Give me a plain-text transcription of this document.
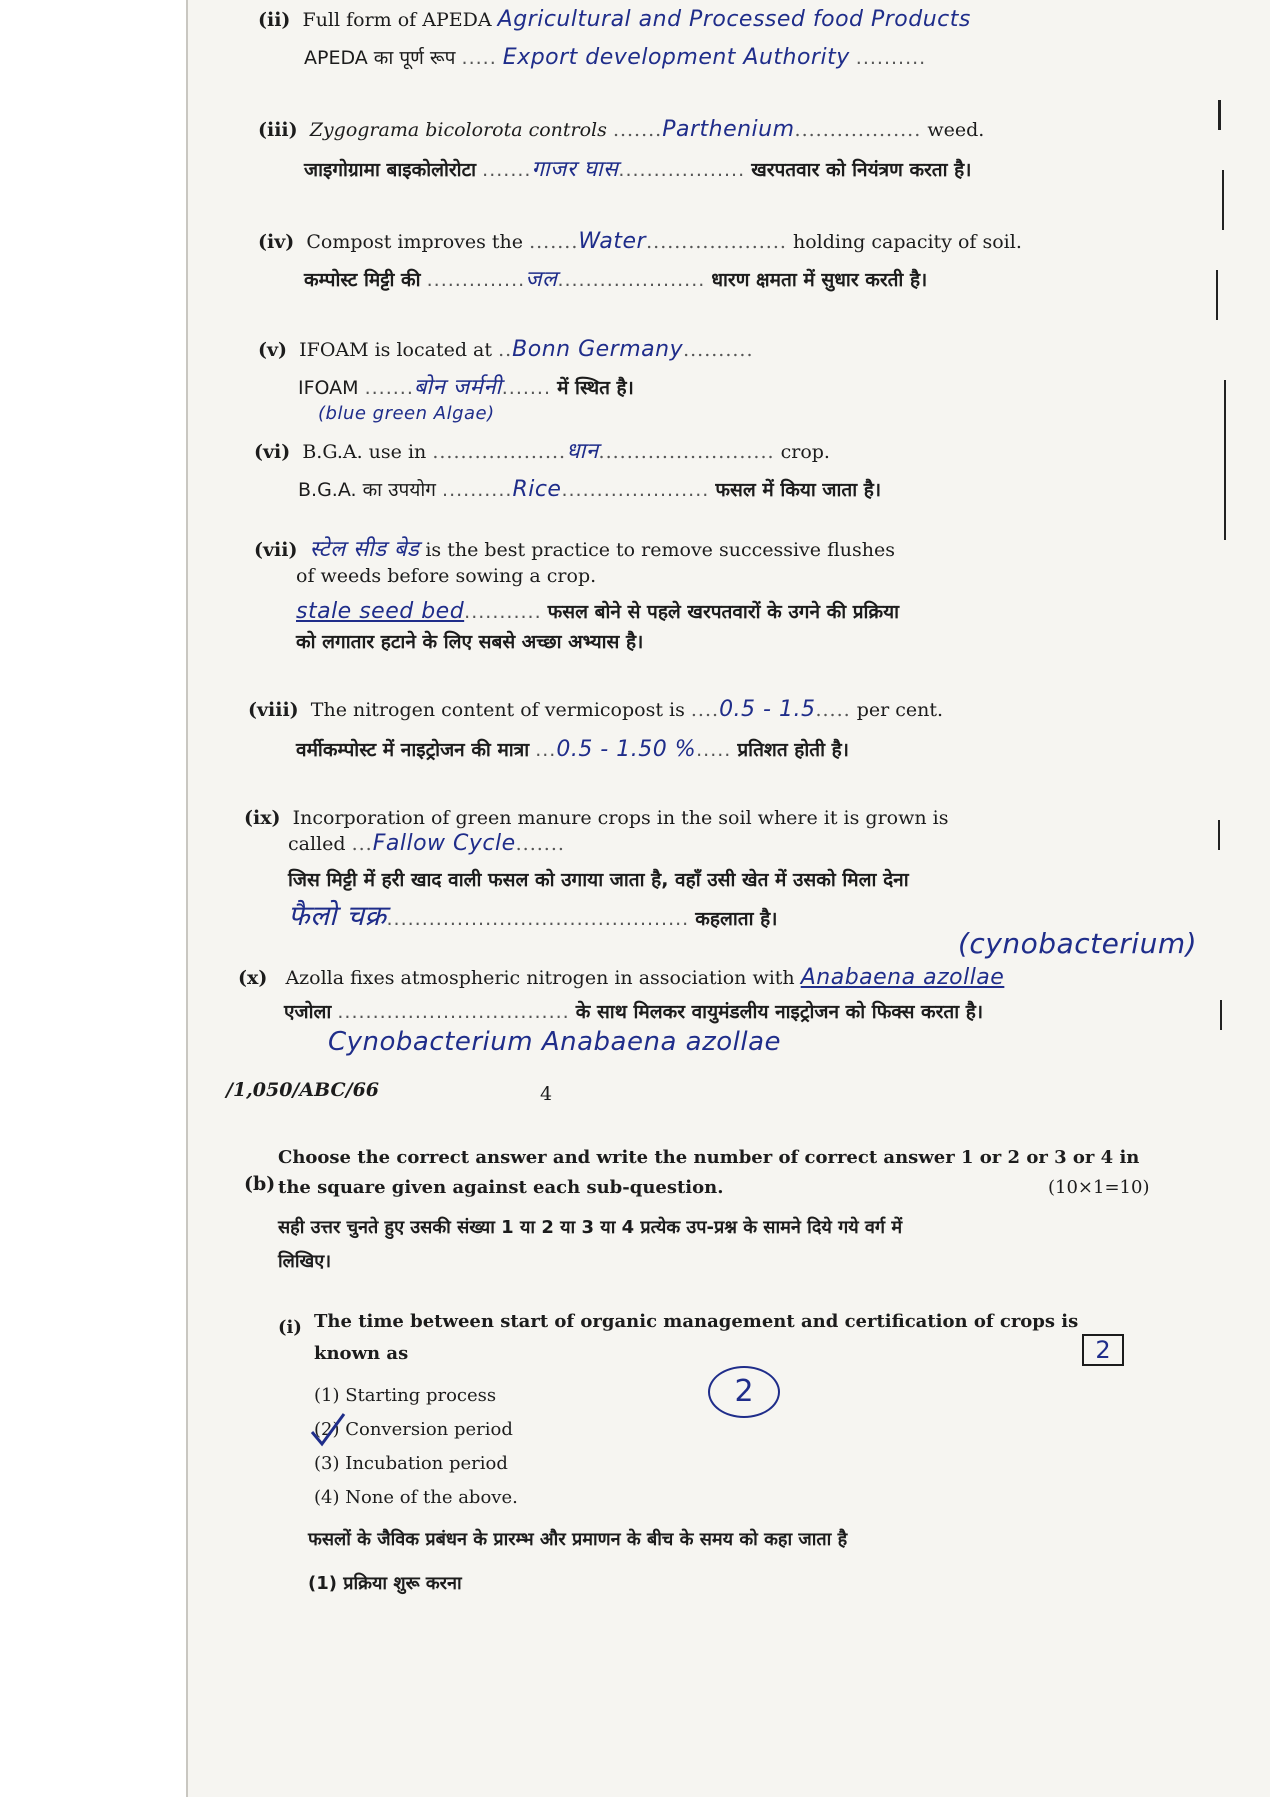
(ii) Full form of APEDA Agricultural and Processed food Products
APEDA का पूर्ण रूप ..... Export development Authority ..........
(iii) Zygograma bicolorota controls .......Parthenium.................. weed.
जाइगोग्रामा बाइकोलोरोटा .......गाजर घास.................. खरपतवार को नियंत्रण करता है।
(iv) Compost improves the .......Water.................... holding capacity of soil.
कम्पोस्ट मिट्टी की ..............जल..................... धारण क्षमता में सुधार करती है।
(v) IFOAM is located at ..Bonn Germany..........
IFOAM .......बोन जर्मनी....... में स्थित है।
(blue green Algae)
(vi) B.G.A. use in ...................धान......................... crop.
B.G.A. का उपयोग ..........Rice..................... फसल में किया जाता है।
(vii) स्टेल सीड बेड is the best practice to remove successive flushes
of weeds before sowing a crop.
stale seed bed........... फसल बोने से पहले खरपतवारों के उगने की प्रक्रिया
को लगातार हटाने के लिए सबसे अच्छा अभ्यास है।
(viii) The nitrogen content of vermicopost is ....0.5 - 1.5..... per cent.
वर्मीकम्पोस्ट में नाइट्रोजन की मात्रा ...0.5 - 1.50 %..... प्रतिशत होती है।
(ix) Incorporation of green manure crops in the soil where it is grown is
called ...Fallow Cycle.......
जिस मिट्टी में हरी खाद वाली फसल को उगाया जाता है, वहाँ उसी खेत में उसको मिला देना
फैलो चक्र........................................... कहलाता है।
(cynobacterium)
(x) Azolla fixes atmospheric nitrogen in association with Anabaena azollae
एजोला ................................. के साथ मिलकर वायुमंडलीय नाइट्रोजन को फिक्स करता है।
Cynobacterium Anabaena azollae
/1,050/ABC/66	4
(b)
Choose the correct answer and write the number of correct answer 1 or 2 or 3 or 4 in
the square given against each sub-question.	(10×1=10)
सही उत्तर चुनते हुए उसकी संख्या 1 या 2 या 3 या 4 प्रत्येक उप-प्रश्न के सामने दिये गये वर्ग में
लिखिए।
(i) The time between start of organic management and certification of crops is
known as	2
2
(1) Starting process
(2) Conversion period
(3) Incubation period
(4) None of the above.
फसलों के जैविक प्रबंधन के प्रारम्भ और प्रमाणन के बीच के समय को कहा जाता है
(1) प्रक्रिया शुरू करना
